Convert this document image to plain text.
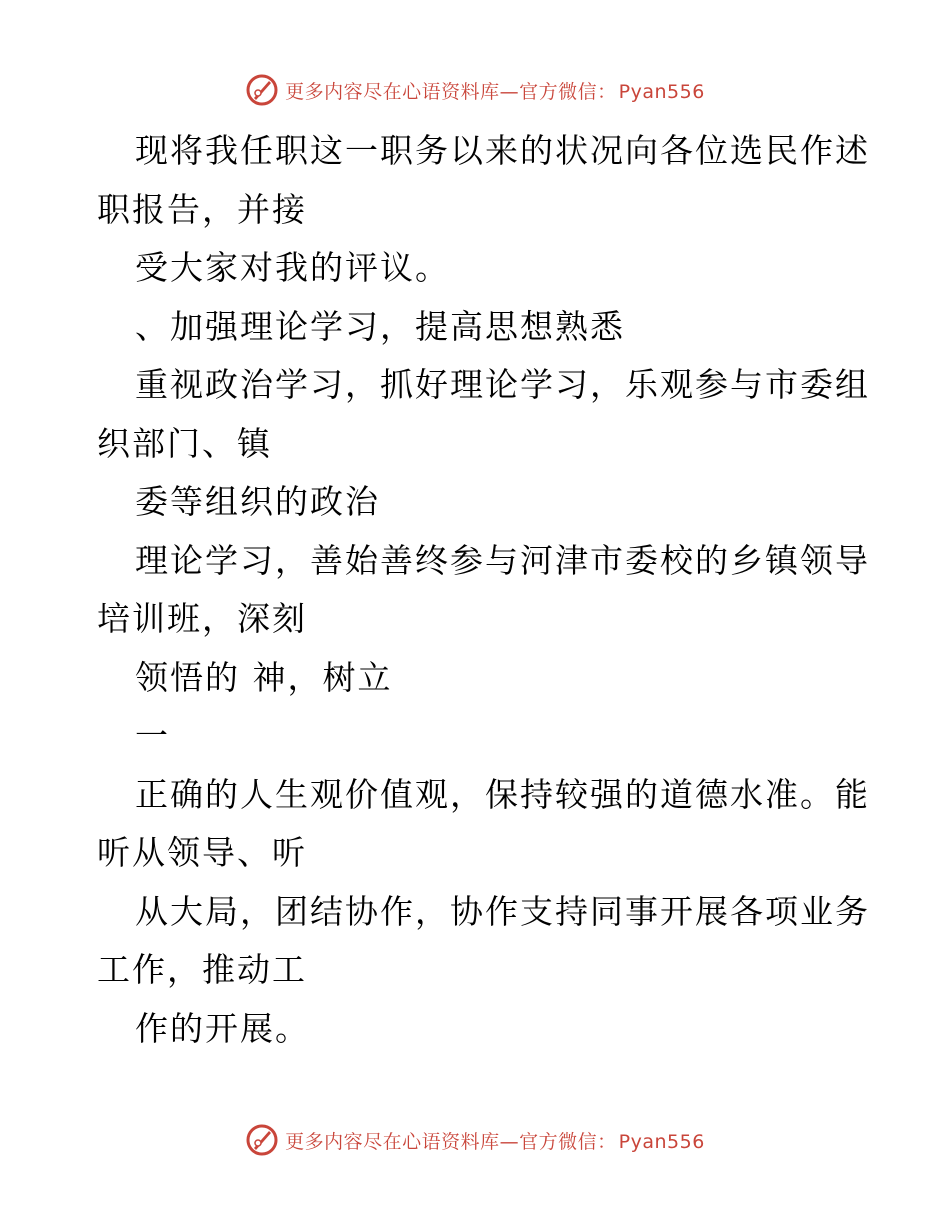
更多内容尽在心语资料库—官方微信： Pyan556
现将我任职这一职务以来的状况向各位选民作述
职报告，并接
受大家对我的评议。
、加强理论学习，提高思想熟悉
重视政治学习，抓好理论学习，乐观参与市委组
织部门、镇
委等组织的政治
理论学习，善始善终参与河津市委校的乡镇领导
培训班，深刻
领悟的 神，树立
一
正确的人生观价值观，保持较强的道德水准。能
听从领导、听
从大局，团结协作，协作支持同事开展各项业务
工作，推动工
作的开展。
更多内容尽在心语资料库—官方微信： Pyan556
